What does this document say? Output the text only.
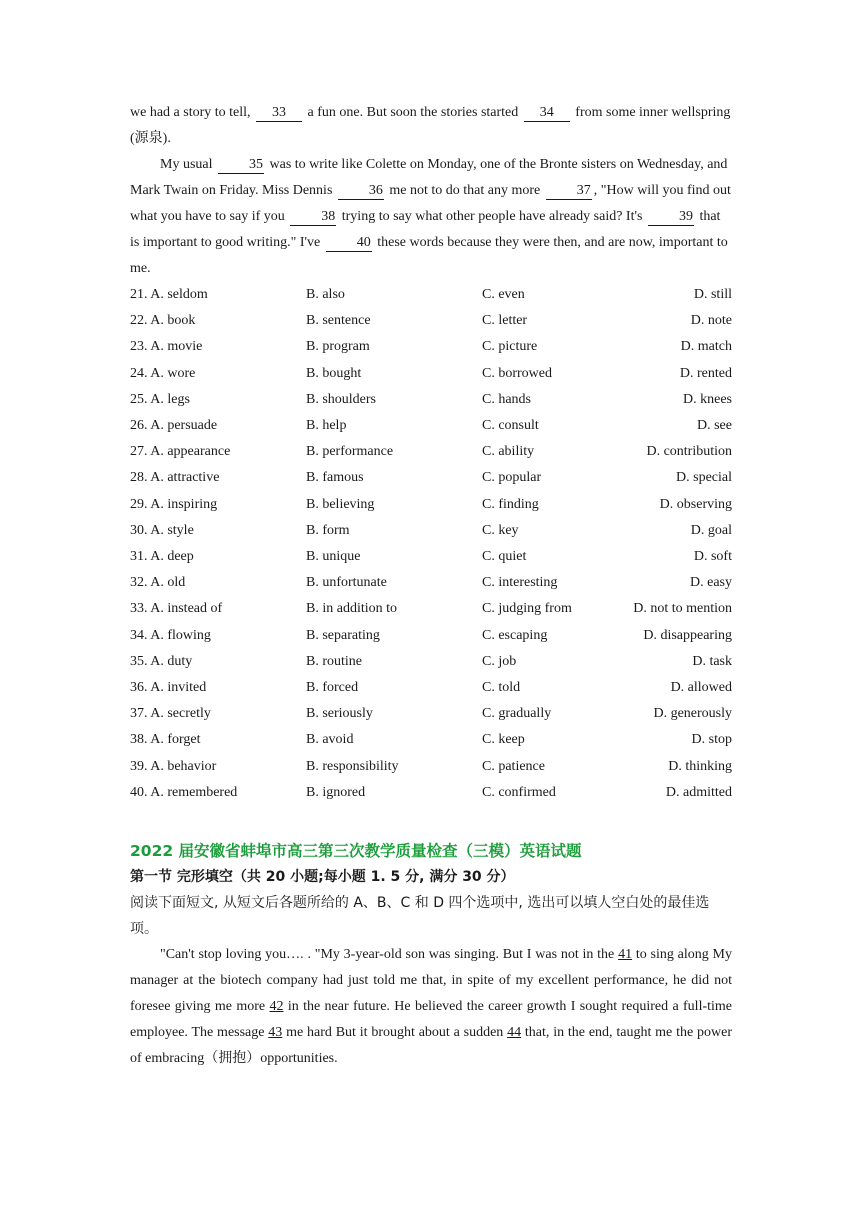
we had a story to tell, 33 a fun one. But soon the stories started 34 from some inner wellspring (源泉).

My usual 35 was to write like Colette on Monday, one of the Bronte sisters on Wednesday, and Mark Twain on Friday. Miss Dennis 36 me not to do that any more 37 , "How will you find out what you have to say if you 38 trying to say what other people have already said? It's 39 that is important to good writing." I've 40 these words because they were then, and are now, important to me.

21. A. seldom	B. also	C. even	D. still
22. A. book	B. sentence	C. letter	D. note
23. A. movie	B. program	C. picture	D. match
24. A. wore	B. bought	C. borrowed	D. rented
25. A. legs	B. shoulders	C. hands	D. knees
26. A. persuade	B. help	C. consult	D. see
27. A. appearance	B. performance	C. ability	D. contribution
28. A. attractive	B. famous	C. popular	D. special
29. A. inspiring	B. believing	C. finding	D. observing
30. A. style	B. form	C. key	D. goal
31. A. deep	B. unique	C. quiet	D. soft
32. A. old	B. unfortunate	C. interesting	D. easy
33. A. instead of	B. in addition to	C. judging from	D. not to mention
34. A. flowing	B. separating	C. escaping	D. disappearing
35. A. duty	B. routine	C. job	D. task
36. A. invited	B. forced	C. told	D. allowed
37. A. secretly	B. seriously	C. gradually	D. generously
38. A. forget	B. avoid	C. keep	D. stop
39. A. behavior	B. responsibility	C. patience	D. thinking
40. A. remembered	B. ignored	C. confirmed	D. admitted
2022 届安徽省蚌埠市高三第三次教学质量检查（三模）英语试题
第一节 完形填空（共 20 小题;每小题 1. 5 分, 满分 30 分）
阅读下面短文, 从短文后各题所给的 A、B、C 和 D 四个选项中, 选出可以填人空白处的最佳选项。

"Can't stop loving you…. . "My 3-year-old son was singing. But I was not in the 41 to sing along My manager at the biotech company had just told me that, in spite of my excellent performance, he did not foresee giving me more 42 in the near future. He believed the career growth I sought required a full-time employee. The message 43 me hard But it brought about a sudden 44 that, in the end, taught me the power of embracing（拥抱）opportunities.
